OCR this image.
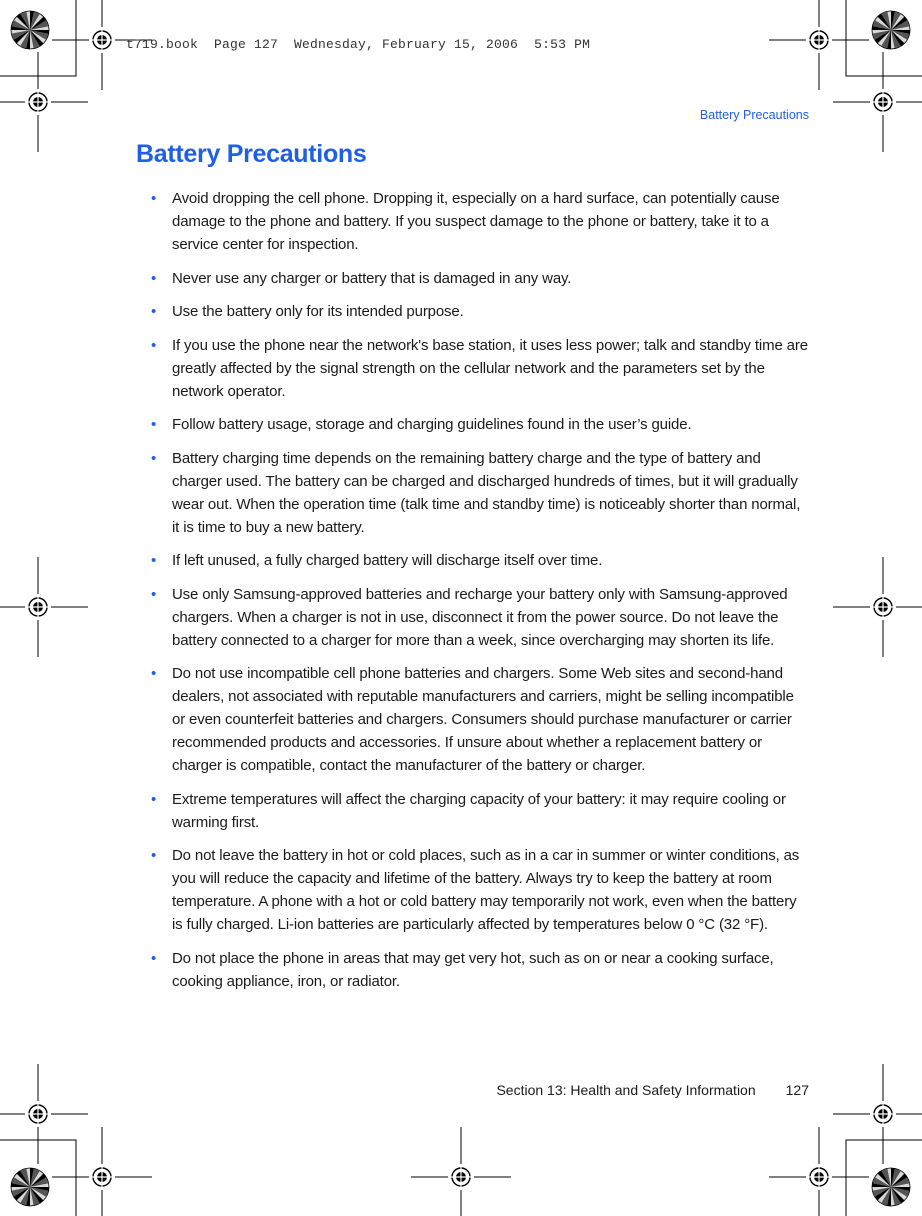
t719.book  Page 127  Wednesday, February 15, 2006  5:53 PM
Battery Precautions
Battery Precautions
• Avoid dropping the cell phone. Dropping it, especially on a hard surface, can potentially cause damage to the phone and battery. If you suspect damage to the phone or battery, take it to a service center for inspection.
• Never use any charger or battery that is damaged in any way.
• Use the battery only for its intended purpose.
• If you use the phone near the network's base station, it uses less power; talk and standby time are greatly affected by the signal strength on the cellular network and the parameters set by the network operator.
• Follow battery usage, storage and charging guidelines found in the user’s guide.
• Battery charging time depends on the remaining battery charge and the type of battery and charger used. The battery can be charged and discharged hundreds of times, but it will gradually wear out. When the operation time (talk time and standby time) is noticeably shorter than normal, it is time to buy a new battery.
• If left unused, a fully charged battery will discharge itself over time.
• Use only Samsung-approved batteries and recharge your battery only with Samsung-approved chargers. When a charger is not in use, disconnect it from the power source. Do not leave the battery connected to a charger for more than a week, since overcharging may shorten its life.
• Do not use incompatible cell phone batteries and chargers. Some Web sites and second-hand dealers, not associated with reputable manufacturers and carriers, might be selling incompatible or even counterfeit batteries and chargers. Consumers should purchase manufacturer or carrier recommended products and accessories. If unsure about whether a replacement battery or charger is compatible, contact the manufacturer of the battery or charger.
• Extreme temperatures will affect the charging capacity of your battery: it may require cooling or warming first.
• Do not leave the battery in hot or cold places, such as in a car in summer or winter conditions, as you will reduce the capacity and lifetime of the battery. Always try to keep the battery at room temperature. A phone with a hot or cold battery may temporarily not work, even when the battery is fully charged. Li-ion batteries are particularly affected by temperatures below 0 °C (32 °F).
• Do not place the phone in areas that may get very hot, such as on or near a cooking surface, cooking appliance, iron, or radiator.
Section 13: Health and Safety Information 127
